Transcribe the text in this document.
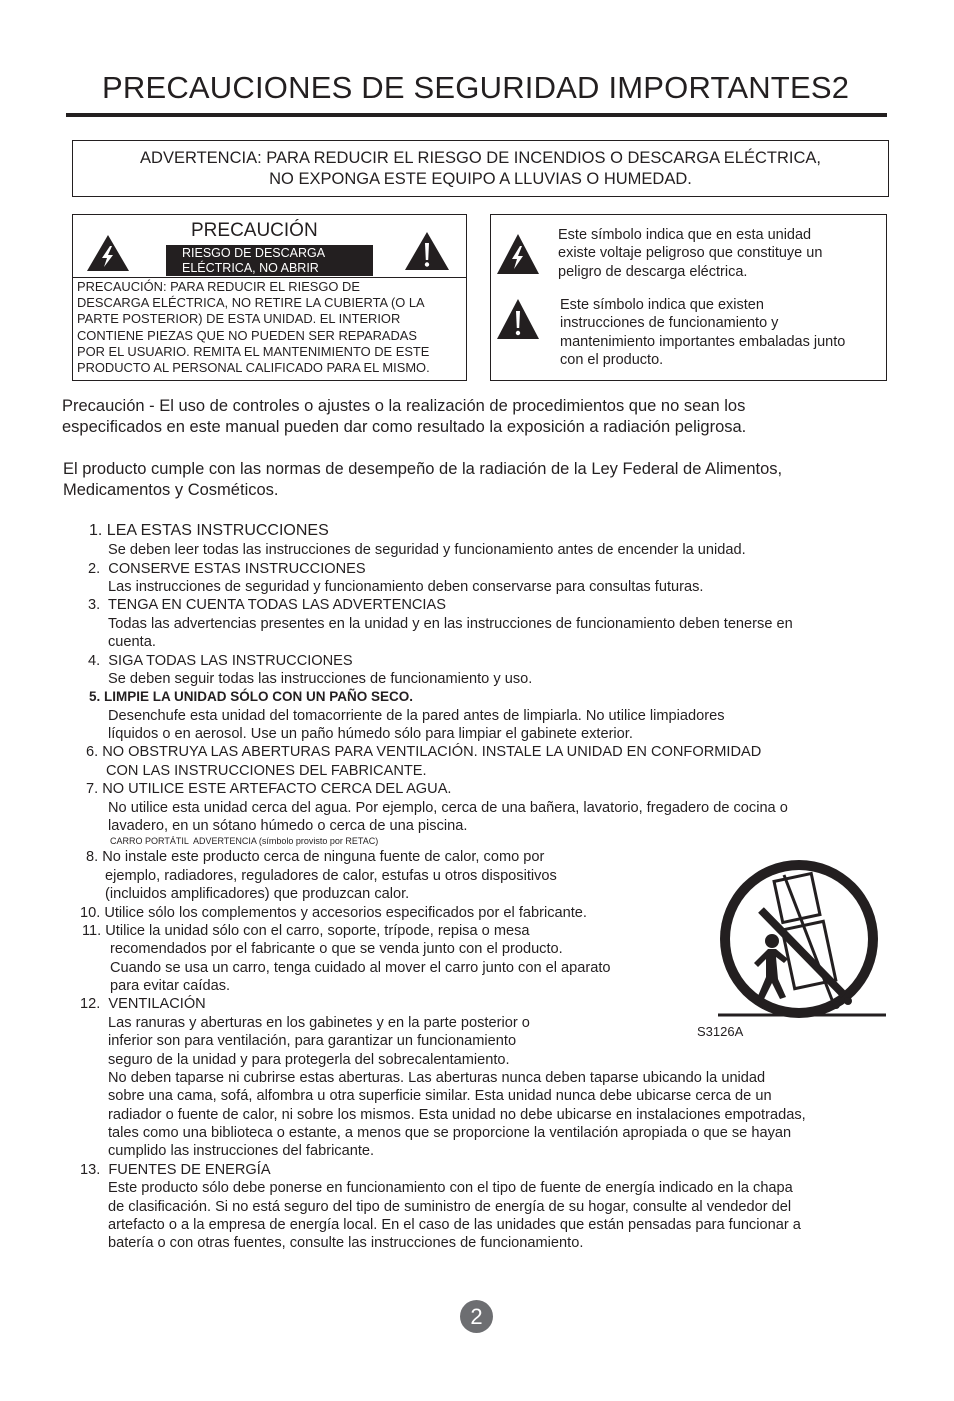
PRECAUCIONES DE SEGURIDAD IMPORTANTES2
ADVERTENCIA: PARA REDUCIR EL RIESGO DE INCENDIOS O DESCARGA ELÉCTRICA,
NO EXPONGA ESTE EQUIPO A LLUVIAS O HUMEDAD.
PRECAUCIÓN
RIESGO DE DESCARGA
ELÉCTRICA, NO ABRIR
PRECAUCIÓN: PARA REDUCIR EL RIESGO DE
DESCARGA ELÉCTRICA, NO RETIRE LA CUBIERTA (O LA
PARTE POSTERIOR) DE ESTA UNIDAD. EL INTERIOR
CONTIENE PIEZAS QUE NO PUEDEN SER REPARADAS
POR EL USUARIO. REMITA EL MANTENIMIENTO DE ESTE
PRODUCTO AL PERSONAL CALIFICADO PARA EL MISMO.
Este símbolo indica que en esta unidad
existe voltaje peligroso que constituye un
peligro de descarga eléctrica.
Este símbolo indica que existen
instrucciones de funcionamiento y
mantenimiento importantes embaladas junto
con el producto.
Precaución - El uso de controles o ajustes o la realización de procedimientos que no sean los
especificados en este manual pueden dar como resultado la exposición a radiación peligrosa.
El producto cumple con las normas de desempeño de la radiación de la Ley Federal de Alimentos,
Medicamentos y Cosméticos.
1. LEA ESTAS INSTRUCCIONES
Se deben leer todas las instrucciones de seguridad y funcionamiento antes de encender la unidad.
2.  CONSERVE ESTAS INSTRUCCIONES
Las instrucciones de seguridad y funcionamiento deben conservarse para consultas futuras.
3.  TENGA EN CUENTA TODAS LAS ADVERTENCIAS
Todas las advertencias presentes en la unidad y en las instrucciones de funcionamiento deben tenerse en
cuenta.
4.  SIGA TODAS LAS INSTRUCCIONES
Se deben seguir todas las instrucciones de funcionamiento y uso.
5. LIMPIE LA UNIDAD SÓLO CON UN PAÑO SECO.
Desenchufe esta unidad del tomacorriente de la pared antes de limpiarla. No utilice limpiadores
líquidos o en aerosol. Use un paño húmedo sólo para limpiar el gabinete exterior.
6. NO OBSTRUYA LAS ABERTURAS PARA VENTILACIÓN. INSTALE LA UNIDAD EN CONFORMIDAD
CON LAS INSTRUCCIONES DEL FABRICANTE.
7. NO UTILICE ESTE ARTEFACTO CERCA DEL AGUA.
No utilice esta unidad cerca del agua. Por ejemplo, cerca de una bañera, lavatorio, fregadero de cocina o
lavadero, en un sótano húmedo o cerca de una piscina.
CARRO PORTÁTIL  ADVERTENCIA (símbolo provisto por RETAC)
8. No instale este producto cerca de ninguna fuente de calor, como por
ejemplo, radiadores, reguladores de calor, estufas u otros dispositivos
(incluidos amplificadores) que produzcan calor.
10. Utilice sólo los complementos y accesorios especificados por el fabricante.
11. Utilice la unidad sólo con el carro, soporte, trípode, repisa o mesa
recomendados por el fabricante o que se venda junto con el producto.
Cuando se usa un carro, tenga cuidado al mover el carro junto con el aparato
para evitar caídas.
12.  VENTILACIÓN
Las ranuras y aberturas en los gabinetes y en la parte posterior o
inferior son para ventilación, para garantizar un funcionamiento
seguro de la unidad y para protegerla del sobrecalentamiento.
No deben taparse ni cubrirse estas aberturas. Las aberturas nunca deben taparse ubicando la unidad
sobre una cama, sofá, alfombra u otra superficie similar. Esta unidad nunca debe ubicarse cerca de un
radiador o fuente de calor, ni sobre los mismos. Esta unidad no debe ubicarse en instalaciones empotradas,
tales como una biblioteca o estante, a menos que se proporcione la ventilación apropiada o que se hayan
cumplido las instrucciones del fabricante.
13.  FUENTES DE ENERGÍA
Este producto sólo debe ponerse en funcionamiento con el tipo de fuente de energía indicado en la chapa
de clasificación. Si no está seguro del tipo de suministro de energía de su hogar, consulte al vendedor del
artefacto o a la empresa de energía local. En el caso de las unidades que están pensadas para funcionar a
batería o con otras fuentes, consulte las instrucciones de funcionamiento.
S3126A
2
